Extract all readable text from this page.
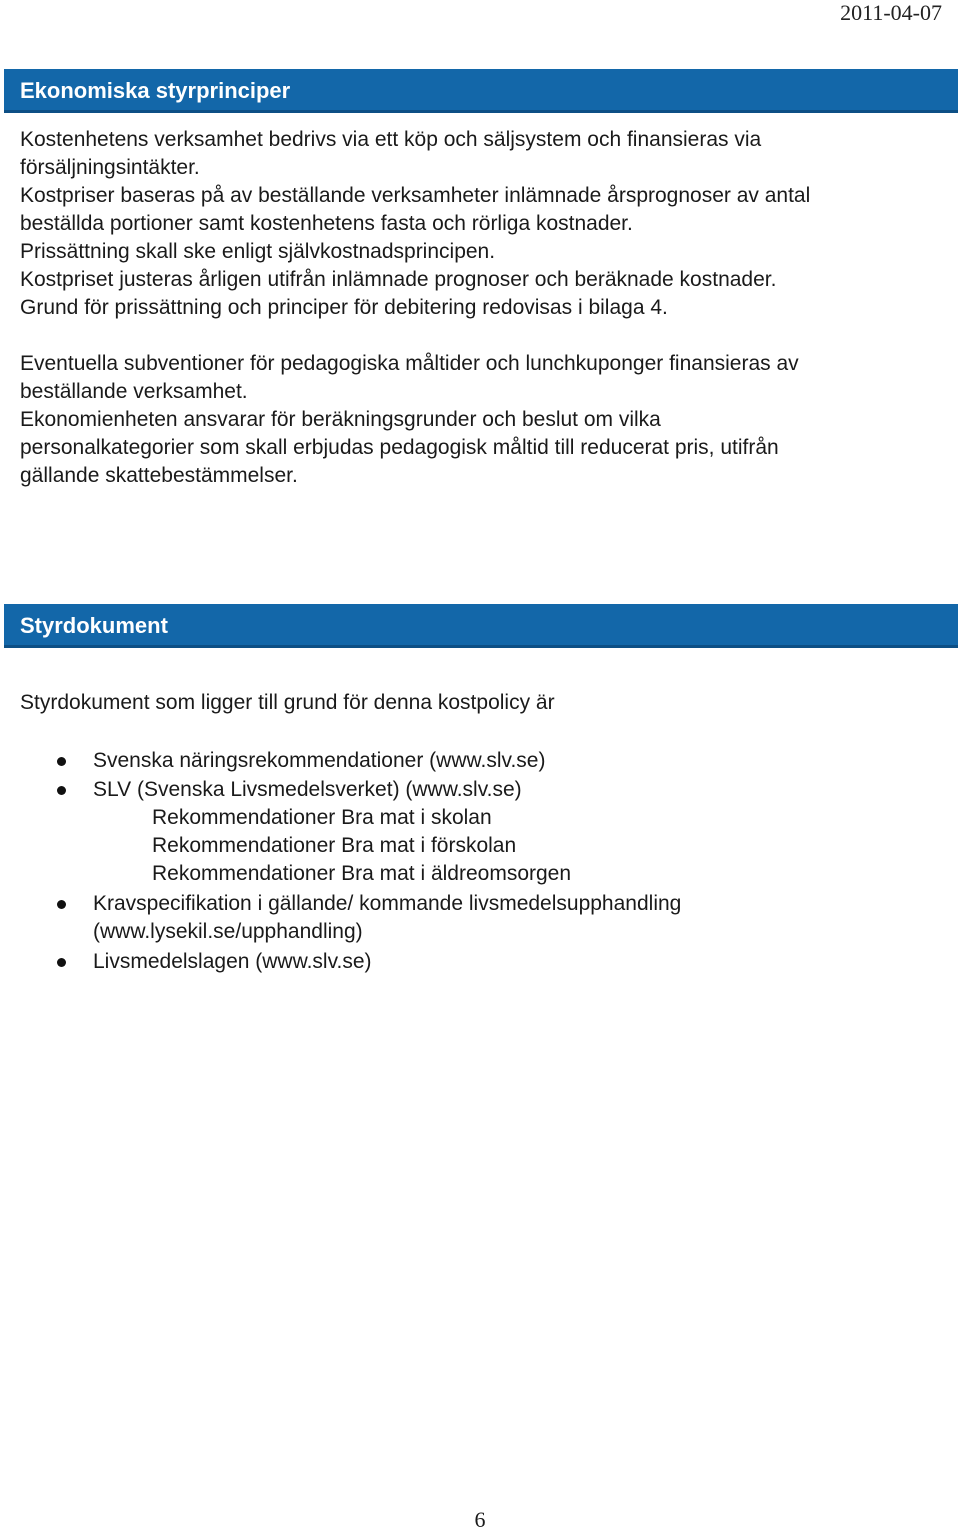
2011-04-07
Ekonomiska styrprinciper
Kostenhetens verksamhet bedrivs via ett köp och säljsystem och finansieras via
försäljningsintäkter.
Kostpriser baseras på av beställande verksamheter inlämnade årsprognoser av antal
beställda portioner samt kostenhetens fasta och rörliga kostnader.
Prissättning skall ske enligt självkostnadsprincipen.
Kostpriset justeras årligen utifrån inlämnade prognoser och beräknade kostnader.
Grund för prissättning och principer för debitering redovisas i bilaga 4.
Eventuella subventioner för pedagogiska måltider och lunchkuponger finansieras av
beställande verksamhet.
Ekonomienheten ansvarar för beräkningsgrunder och beslut om vilka
personalkategorier som skall erbjudas pedagogisk måltid till reducerat pris, utifrån
gällande skattebestämmelser.
Styrdokument
Styrdokument som ligger till grund för denna kostpolicy är
Svenska näringsrekommendationer (www.slv.se)
SLV (Svenska Livsmedelsverket) (www.slv.se)
Rekommendationer Bra mat i skolan
Rekommendationer Bra mat i förskolan
Rekommendationer Bra mat i äldreomsorgen
Kravspecifikation i gällande/ kommande livsmedelsupphandling
(www.lysekil.se/upphandling)
Livsmedelslagen (www.slv.se)
6
